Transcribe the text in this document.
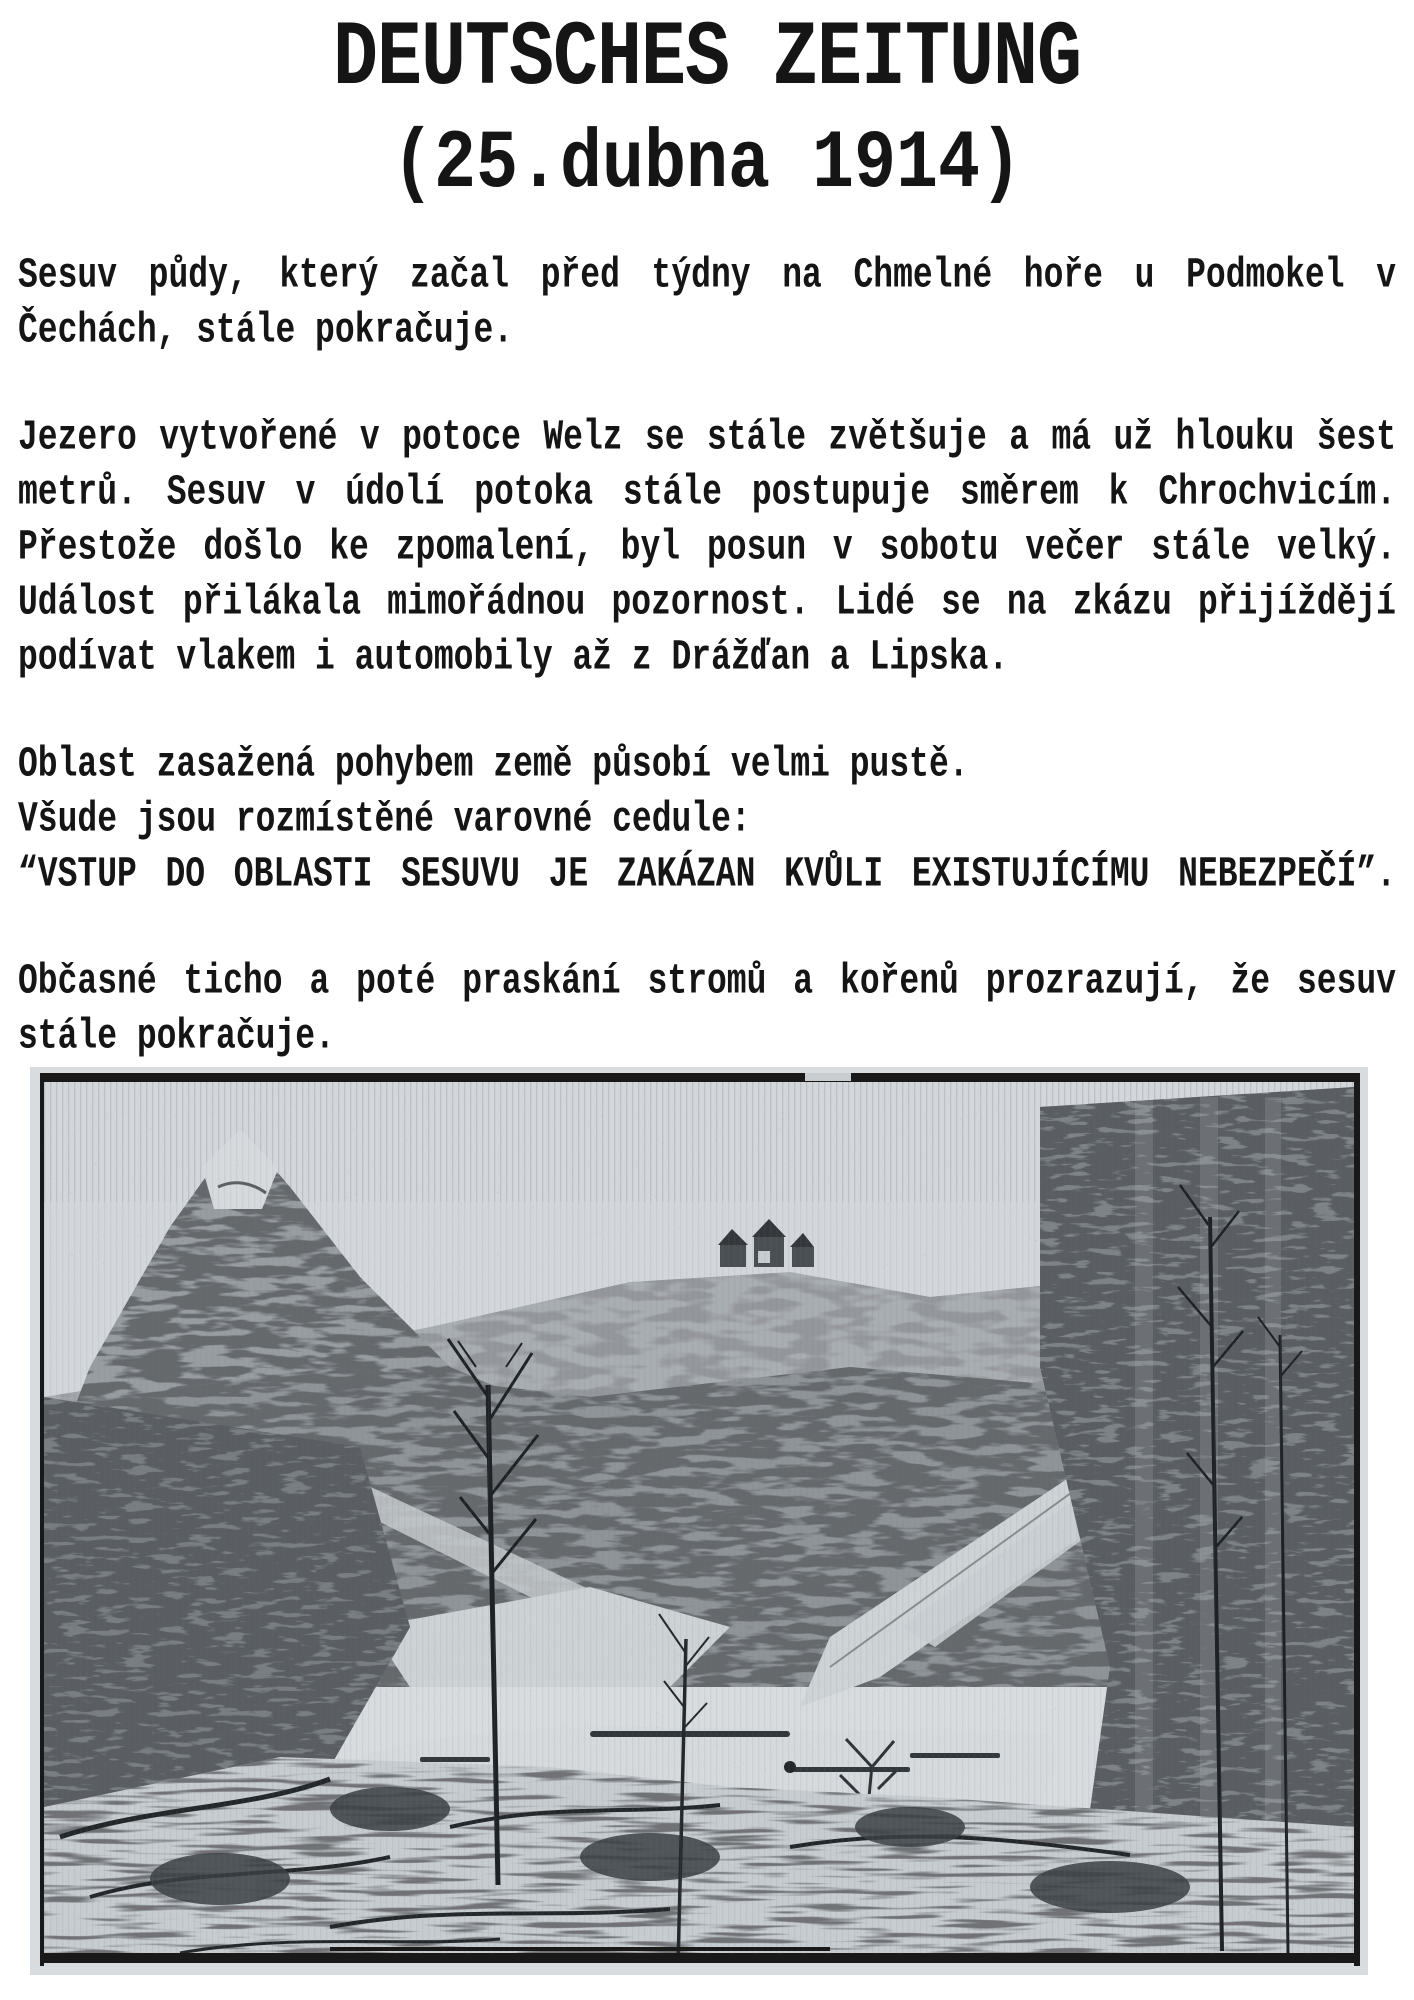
DEUTSCHES ZEITUNG
(25.dubna 1914)
Sesuv půdy, který začal před týdny na Chmelné hoře u Podmokel v
Čechách, stále pokračuje.
Jezero vytvořené v potoce Welz se stále zvětšuje a má už hlouku šest
metrů. Sesuv v údolí potoka stále postupuje směrem k Chrochvicím.
Přestože došlo ke zpomalení, byl posun v sobotu večer stále velký.
Událost přilákala mimořádnou pozornost. Lidé se na zkázu přijíždějí
podívat vlakem i automobily až z Drážďan a Lipska.
Oblast zasažená pohybem země působí velmi pustě.
Všude jsou rozmístěné varovné cedule:
“VSTUP DO OBLASTI SESUVU JE ZAKÁZAN KVŮLI EXISTUJÍCÍMU NEBEZPEČÍ”.
Občasné ticho a poté praskání stromů a kořenů prozrazují, že sesuv
stále pokračuje.
